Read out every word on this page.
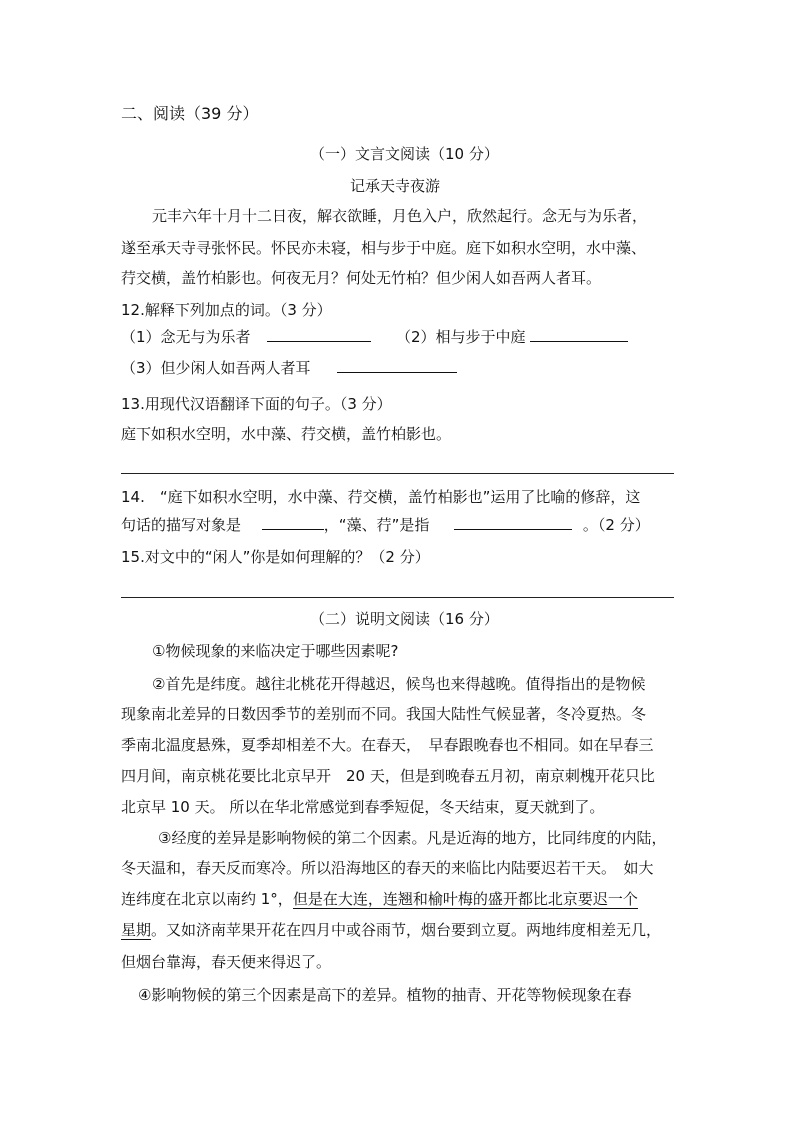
二、阅读（39 分）
（一）文言文阅读（10 分）
记承天寺夜游
元丰六年十月十二日夜，解衣欲睡，月色入户，欣然起行。念无与为乐者，
遂至承天寺寻张怀民。怀民亦未寝，相与步于中庭。庭下如积水空明，水中藻、
荇交横，盖竹柏影也。何夜无月？何处无竹柏？但少闲人如吾两人者耳。
12.解释下列加点的词。（3 分）
（1）念无与为乐者	（2）相与步于中庭
（3）但少闲人如吾两人者耳
13.用现代汉语翻译下面的句子。（3 分）
庭下如积水空明，水中藻、荇交横，盖竹柏影也。
14.　“庭下如积水空明，水中藻、荇交横，盖竹柏影也”运用了比喻的修辞，这
句话的描写对象是	，“藻、荇”是指	。（2 分）
15.对文中的“闲人”你是如何理解的？（2 分）
（二）说明文阅读（16 分）
①物候现象的来临决定于哪些因素呢?
②首先是纬度。越往北桃花开得越迟，候鸟也来得越晚。值得指出的是物候
现象南北差异的日数因季节的差别而不同。我国大陆性气候显著，冬冷夏热。冬
季南北温度悬殊，夏季却相差不大。在春天，　早春跟晚春也不相同。如在早春三
四月间，南京桃花要比北京早开　20 天，但是到晚春五月初，南京刺槐开花只比
北京早 10 天。 所以在华北常感觉到春季短促，冬天结束，夏天就到了。
③经度的差异是影响物候的第二个因素。凡是近海的地方，比同纬度的内陆，
冬天温和，春天反而寒冷。所以沿海地区的春天的来临比内陆要迟若干天。　如大
连纬度在北京以南约 1°，但是在大连，连翘和榆叶梅的盛开都比北京要迟一个
星期。又如济南苹果开花在四月中或谷雨节，烟台要到立夏。两地纬度相差无几，
但烟台靠海，春天便来得迟了。
④影响物候的第三个因素是高下的差异。植物的抽青、开花等物候现象在春
